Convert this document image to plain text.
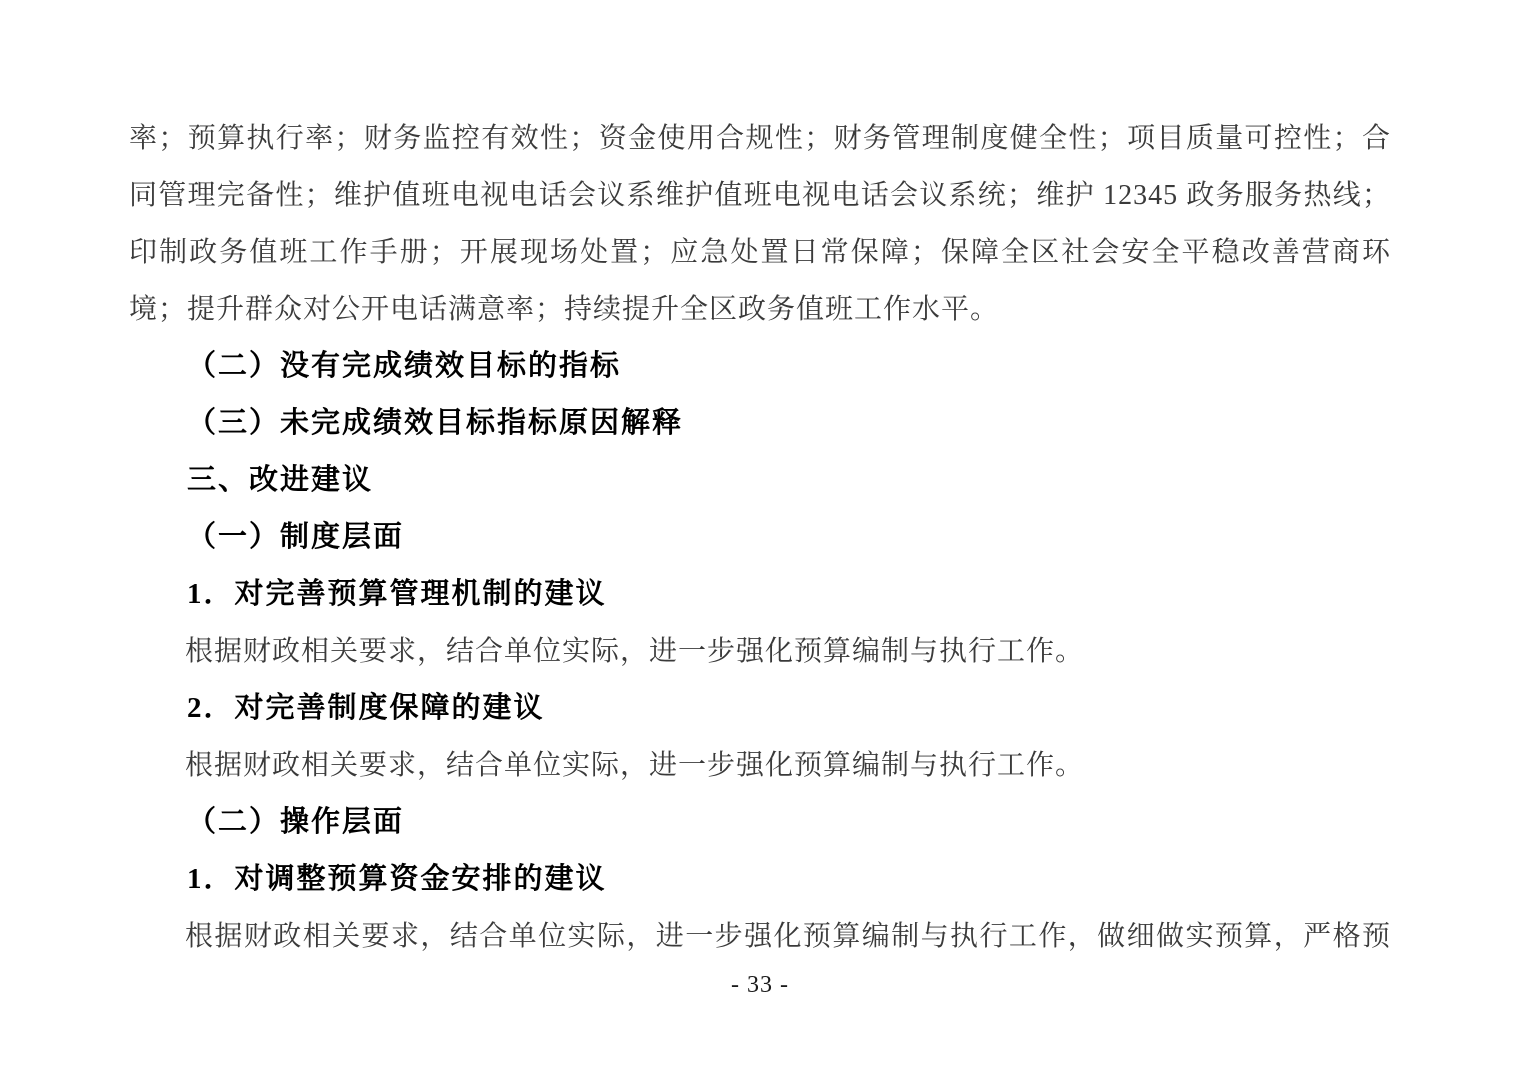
率；预算执行率；财务监控有效性；资金使用合规性；财务管理制度健全性；项目质量可控性；合
同管理完备性；维护值班电视电话会议系维护值班电视电话会议系统；维护 12345 政务服务热线；
印制政务值班工作手册；开展现场处置；应急处置日常保障；保障全区社会安全平稳改善营商环
境；提升群众对公开电话满意率；持续提升全区政务值班工作水平。
（二）没有完成绩效目标的指标
（三）未完成绩效目标指标原因解释
三、改进建议
（一）制度层面
1．对完善预算管理机制的建议
根据财政相关要求，结合单位实际，进一步强化预算编制与执行工作。
2．对完善制度保障的建议
根据财政相关要求，结合单位实际，进一步强化预算编制与执行工作。
（二）操作层面
1．对调整预算资金安排的建议
根据财政相关要求，结合单位实际，进一步强化预算编制与执行工作，做细做实预算，严格预
- 33 -
